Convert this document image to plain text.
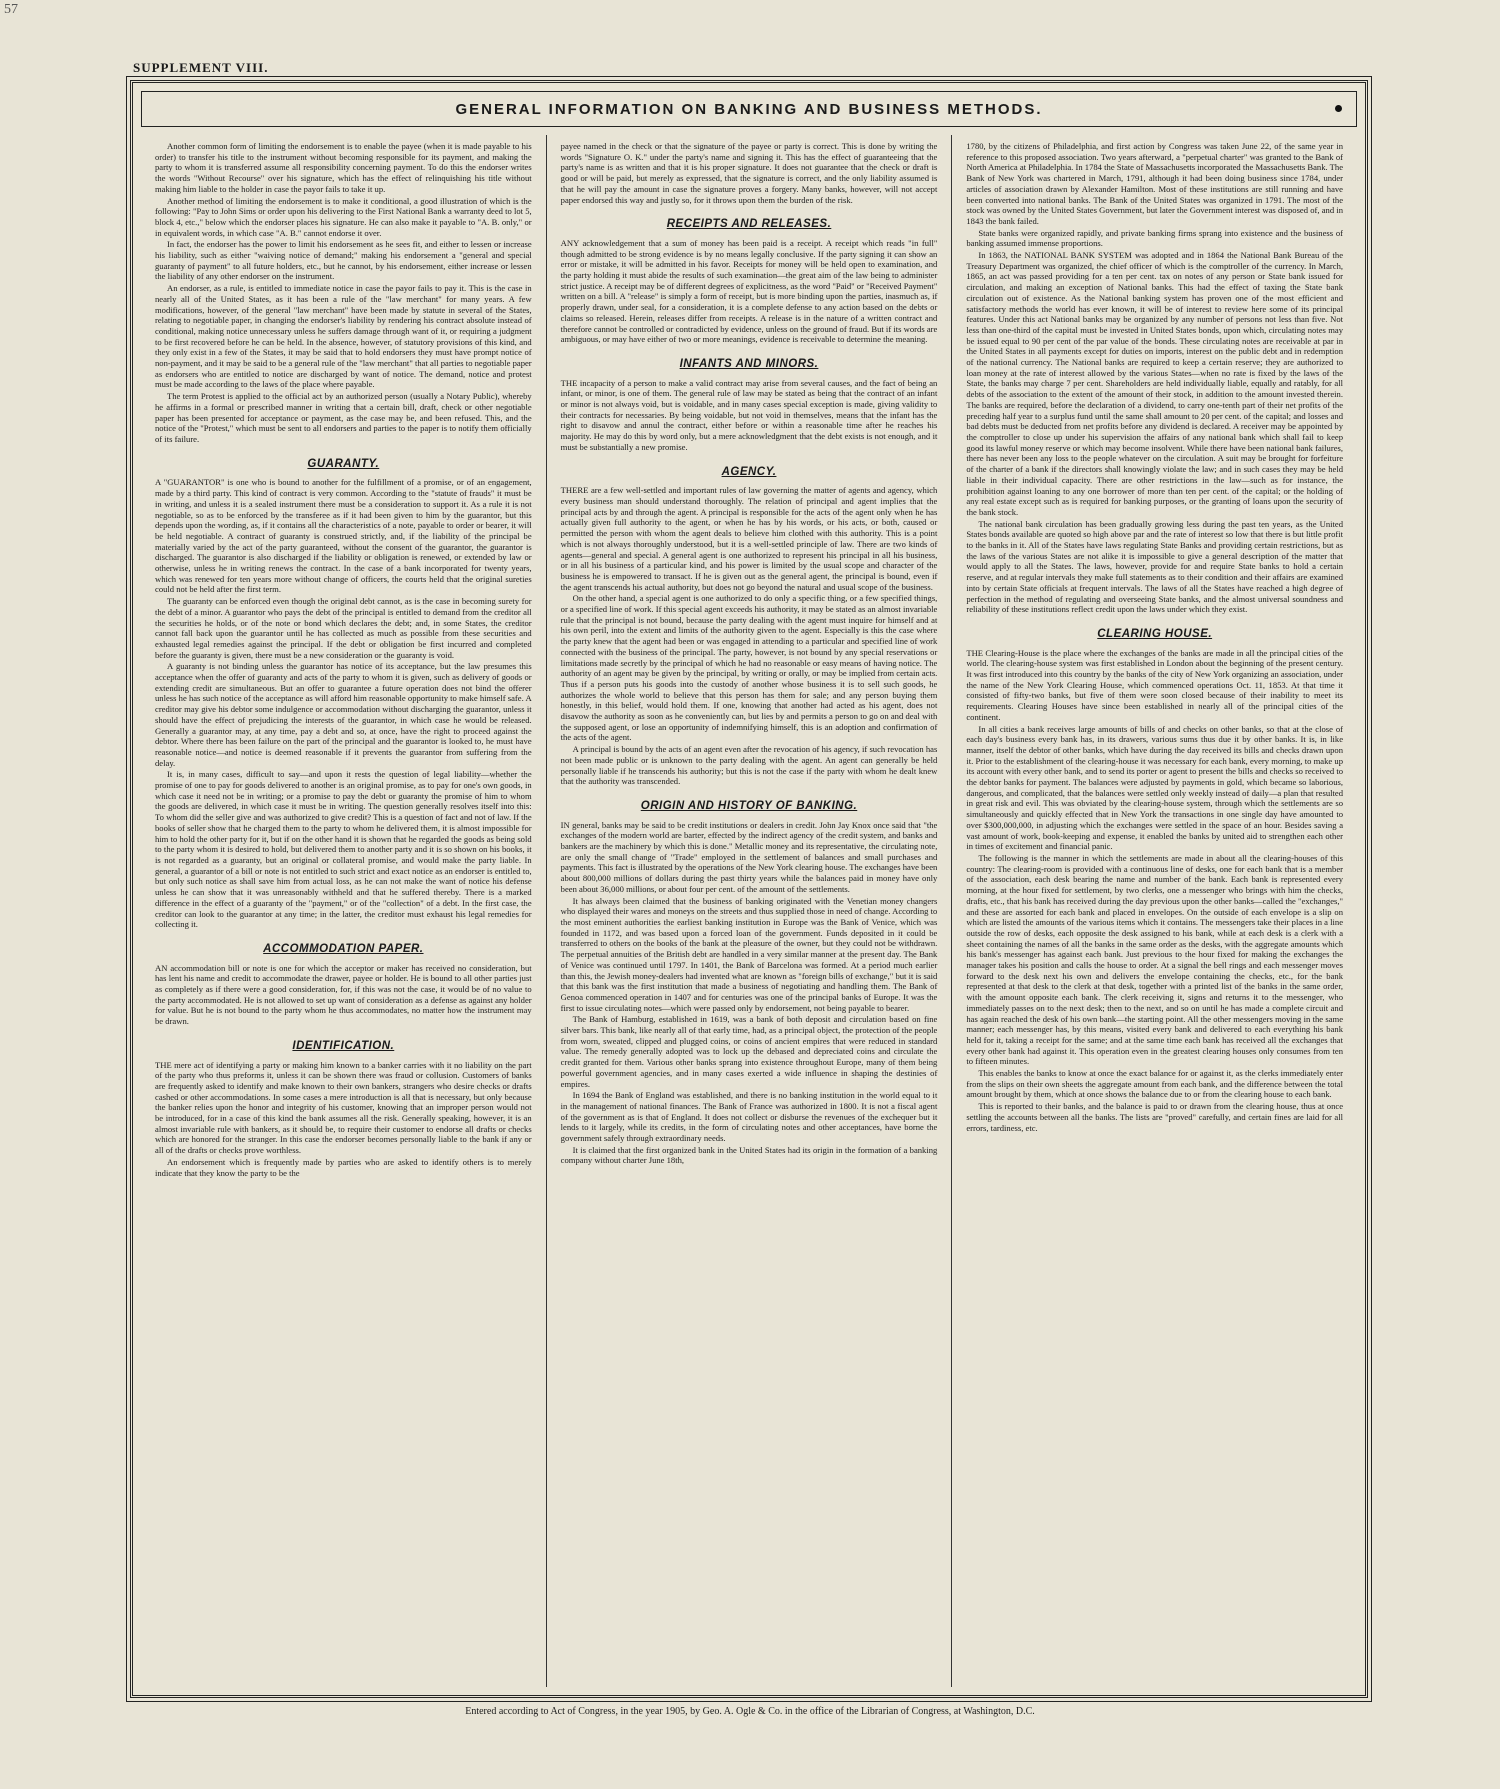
57
SUPPLEMENT VIII.
GENERAL INFORMATION ON BANKING AND BUSINESS METHODS.

Another common form of limiting the endorsement is to enable the payee (when it is made payable to his order) to transfer his title to the instrument without becoming responsible for its payment, and making the party to whom it is transferred assume all responsibility concerning payment. To do this the endorser writes the words "Without Recourse" over his signature, which has the effect of relinquishing his title without making him liable to the holder in case the payor fails to take it up.

Another method of limiting the endorsement is to make it conditional, a good illustration of which is the following: "Pay to John Sims or order upon his delivering to the First National Bank a warranty deed to lot 5, block 4, etc.," below which the endorser places his signature. He can also make it payable to "A. B. only," or in equivalent words, in which case "A. B." cannot endorse it over.

In fact, the endorser has the power to limit his endorsement as he sees fit, and either to lessen or increase his liability, such as either "waiving notice of demand;" making his endorsement a "general and special guaranty of payment" to all future holders, etc., but he cannot, by his endorsement, either increase or lessen the liability of any other endorser on the instrument.

An endorser, as a rule, is entitled to immediate notice in case the payor fails to pay it. This is the case in nearly all of the United States, as it has been a rule of the "law merchant" for many years. A few modifications, however, of the general "law merchant" have been made by statute in several of the States, relating to negotiable paper, in changing the endorser's liability by rendering his contract absolute instead of conditional, making notice unnecessary unless he suffers damage through want of it, or requiring a judgment to be first recovered before he can be held. In the absence, however, of statutory provisions of this kind, and they only exist in a few of the States, it may be said that to hold endorsers they must have prompt notice of non-payment, and it may be said to be a general rule of the "law merchant" that all parties to negotiable paper as endorsers who are entitled to notice are discharged by want of notice. The demand, notice and protest must be made according to the laws of the place where payable.

The term Protest is applied to the official act by an authorized person (usually a Notary Public), whereby he affirms in a formal or prescribed manner in writing that a certain bill, draft, check or other negotiable paper has been presented for acceptance or payment, as the case may be, and been refused. This, and the notice of the "Protest," which must be sent to all endorsers and parties to the paper is to notify them officially of its failure.

GUARANTY.

A "GUARANTOR" is one who is bound to another for the fulfillment of a promise, or of an engagement, made by a third party. This kind of contract is very common. According to the "statute of frauds" it must be in writing, and unless it is a sealed instrument there must be a consideration to support it. As a rule it is not negotiable, so as to be enforced by the transferee as if it had been given to him by the guarantor, but this depends upon the wording, as, if it contains all the characteristics of a note, payable to order or bearer, it will be held negotiable. A contract of guaranty is construed strictly, and, if the liability of the principal be materially varied by the act of the party guaranteed, without the consent of the guarantor, the guarantor is discharged. The guarantor is also discharged if the liability or obligation is renewed, or extended by law or otherwise, unless he in writing renews the contract. In the case of a bank incorporated for twenty years, which was renewed for ten years more without change of officers, the courts held that the original sureties could not be held after the first term.

The guaranty can be enforced even though the original debt cannot, as is the case in becoming surety for the debt of a minor. A guarantor who pays the debt of the principal is entitled to demand from the creditor all the securities he holds, or of the note or bond which declares the debt; and, in some States, the creditor cannot fall back upon the guarantor until he has collected as much as possible from these securities and exhausted legal remedies against the principal. If the debt or obligation be first incurred and completed before the guaranty is given, there must be a new consideration or the guaranty is void.

A guaranty is not binding unless the guarantor has notice of its acceptance, but the law presumes this acceptance when the offer of guaranty and acts of the party to whom it is given, such as delivery of goods or extending credit are simultaneous. But an offer to guarantee a future operation does not bind the offerer unless he has such notice of the acceptance as will afford him reasonable opportunity to make himself safe. A creditor may give his debtor some indulgence or accommodation without discharging the guarantor, unless it should have the effect of prejudicing the interests of the guarantor, in which case he would be released. Generally a guarantor may, at any time, pay a debt and so, at once, have the right to proceed against the debtor. Where there has been failure on the part of the principal and the guarantor is looked to, he must have reasonable notice—and notice is deemed reasonable if it prevents the guarantor from suffering from the delay.

It is, in many cases, difficult to say—and upon it rests the question of legal liability—whether the promise of one to pay for goods delivered to another is an original promise, as to pay for one's own goods, in which case it need not be in writing; or a promise to pay the debt or guaranty the promise of him to whom the goods are delivered, in which case it must be in writing. The question generally resolves itself into this: To whom did the seller give and was authorized to give credit? This is a question of fact and not of law. If the books of seller show that he charged them to the party to whom he delivered them, it is almost impossible for him to hold the other party for it, but if on the other hand it is shown that he regarded the goods as being sold to the party whom it is desired to hold, but delivered them to another party and it is so shown on his books, it is not regarded as a guaranty, but an original or collateral promise, and would make the party liable. In general, a guarantor of a bill or note is not entitled to such strict and exact notice as an endorser is entitled to, but only such notice as shall save him from actual loss, as he can not make the want of notice his defense unless he can show that it was unreasonably withheld and that he suffered thereby. There is a marked difference in the effect of a guaranty of the "payment," or of the "collection" of a debt. In the first case, the creditor can look to the guarantor at any time; in the latter, the creditor must exhaust his legal remedies for collecting it.

ACCOMMODATION PAPER.

AN accommodation bill or note is one for which the acceptor or maker has received no consideration, but has lent his name and credit to accommodate the drawer, payee or holder. He is bound to all other parties just as completely as if there were a good consideration, for, if this was not the case, it would be of no value to the party accommodated. He is not allowed to set up want of consideration as a defense as against any holder for value. But he is not bound to the party whom he thus accommodates, no matter how the instrument may be drawn.

IDENTIFICATION.

THE mere act of identifying a party or making him known to a banker carries with it no liability on the part of the party who thus preforms it, unless it can be shown there was fraud or collusion. Customers of banks are frequently asked to identify and make known to their own bankers, strangers who desire checks or drafts cashed or other accommodations. In some cases a mere introduction is all that is necessary, but only because the banker relies upon the honor and integrity of his customer, knowing that an improper person would not be introduced, for in a case of this kind the bank assumes all the risk. Generally speaking, however, it is an almost invariable rule with bankers, as it should be, to require their customer to endorse all drafts or checks which are honored for the stranger. In this case the endorser becomes personally liable to the bank if any or all of the drafts or checks prove worthless.

An endorsement which is frequently made by parties who are asked to identify others is to merely indicate that they know the party to be the

payee named in the check or that the signature of the payee or party is correct. This is done by writing the words "Signature O. K." under the party's name and signing it. This has the effect of guaranteeing that the party's name is as written and that it is his proper signature. It does not guarantee that the check or draft is good or will be paid, but merely as expressed, that the signature is correct, and the only liability assumed is that he will pay the amount in case the signature proves a forgery. Many banks, however, will not accept paper endorsed this way and justly so, for it throws upon them the burden of the risk.

RECEIPTS AND RELEASES.

ANY acknowledgement that a sum of money has been paid is a receipt. A receipt which reads "in full" though admitted to be strong evidence is by no means legally conclusive. If the party signing it can show an error or mistake, it will be admitted in his favor. Receipts for money will be held open to examination, and the party holding it must abide the results of such examination—the great aim of the law being to administer strict justice. A receipt may be of different degrees of explicitness, as the word "Paid" or "Received Payment" written on a bill. A "release" is simply a form of receipt, but is more binding upon the parties, inasmuch as, if properly drawn, under seal, for a consideration, it is a complete defense to any action based on the debts or claims so released. Herein, releases differ from receipts. A release is in the nature of a written contract and therefore cannot be controlled or contradicted by evidence, unless on the ground of fraud. But if its words are ambiguous, or may have either of two or more meanings, evidence is receivable to determine the meaning.

INFANTS AND MINORS.

THE incapacity of a person to make a valid contract may arise from several causes, and the fact of being an infant, or minor, is one of them. The general rule of law may be stated as being that the contract of an infant or minor is not always void, but is voidable, and in many cases special exception is made, giving validity to their contracts for necessaries. By being voidable, but not void in themselves, means that the infant has the right to disavow and annul the contract, either before or within a reasonable time after he reaches his majority. He may do this by word only, but a mere acknowledgment that the debt exists is not enough, and it must be substantially a new promise.

AGENCY.

THERE are a few well-settled and important rules of law governing the matter of agents and agency, which every business man should understand thoroughly. The relation of principal and agent implies that the principal acts by and through the agent. A principal is responsible for the acts of the agent only when he has actually given full authority to the agent, or when he has by his words, or his acts, or both, caused or permitted the person with whom the agent deals to believe him clothed with this authority. This is a point which is not always thoroughly understood, but it is a well-settled principle of law. There are two kinds of agents—general and special. A general agent is one authorized to represent his principal in all his business, or in all his business of a particular kind, and his power is limited by the usual scope and character of the business he is empowered to transact. If he is given out as the general agent, the principal is bound, even if the agent transcends his actual authority, but does not go beyond the natural and usual scope of the business.

On the other hand, a special agent is one authorized to do only a specific thing, or a few specified things, or a specified line of work. If this special agent exceeds his authority, it may be stated as an almost invariable rule that the principal is not bound, because the party dealing with the agent must inquire for himself and at his own peril, into the extent and limits of the authority given to the agent. Especially is this the case where the party knew that the agent had been or was engaged in attending to a particular and specified line of work connected with the business of the principal. The party, however, is not bound by any special reservations or limitations made secretly by the principal of which he had no reasonable or easy means of having notice. The authority of an agent may be given by the principal, by writing or orally, or may be implied from certain acts. Thus if a person puts his goods into the custody of another whose business it is to sell such goods, he authorizes the whole world to believe that this person has them for sale; and any person buying them honestly, in this belief, would hold them. If one, knowing that another had acted as his agent, does not disavow the authority as soon as he conveniently can, but lies by and permits a person to go on and deal with the supposed agent, or lose an opportunity of indemnifying himself, this is an adoption and confirmation of the acts of the agent.

A principal is bound by the acts of an agent even after the revocation of his agency, if such revocation has not been made public or is unknown to the party dealing with the agent. An agent can generally be held personally liable if he transcends his authority; but this is not the case if the party with whom he dealt knew that the authority was transcended.

ORIGIN AND HISTORY OF BANKING.

IN general, banks may be said to be credit institutions or dealers in credit. John Jay Knox once said that "the exchanges of the modern world are barter, effected by the indirect agency of the credit system, and banks and bankers are the machinery by which this is done." Metallic money and its representative, the circulating note, are only the small change of "Trade" employed in the settlement of balances and small purchases and payments. This fact is illustrated by the operations of the New York clearing house. The exchanges have been about 800,000 millions of dollars during the past thirty years while the balances paid in money have only been about 36,000 millions, or about four per cent. of the amount of the settlements.

It has always been claimed that the business of banking originated with the Venetian money changers who displayed their wares and moneys on the streets and thus supplied those in need of change. According to the most eminent authorities the earliest banking institution in Europe was the Bank of Venice, which was founded in 1172, and was based upon a forced loan of the government. Funds deposited in it could be transferred to others on the books of the bank at the pleasure of the owner, but they could not be withdrawn. The perpetual annuities of the British debt are handled in a very similar manner at the present day. The Bank of Venice was continued until 1797. In 1401, the Bank of Barcelona was formed. At a period much earlier than this, the Jewish money-dealers had invented what are known as "foreign bills of exchange," but it is said that this bank was the first institution that made a business of negotiating and handling them. The Bank of Genoa commenced operation in 1407 and for centuries was one of the principal banks of Europe. It was the first to issue circulating notes—which were passed only by endorsement, not being payable to bearer.

The Bank of Hamburg, established in 1619, was a bank of both deposit and circulation based on fine silver bars. This bank, like nearly all of that early time, had, as a principal object, the protection of the people from worn, sweated, clipped and plugged coins, or coins of ancient empires that were reduced in standard value. The remedy generally adopted was to lock up the debased and depreciated coins and circulate the credit granted for them. Various other banks sprang into existence throughout Europe, many of them being powerful government agencies, and in many cases exerted a wide influence in shaping the destinies of empires.

In 1694 the Bank of England was established, and there is no banking institution in the world equal to it in the management of national finances. The Bank of France was authorized in 1800. It is not a fiscal agent of the government as is that of England. It does not collect or disburse the revenues of the exchequer but it lends to it largely, while its credits, in the form of circulating notes and other acceptances, have borne the government safely through extraordinary needs.

It is claimed that the first organized bank in the United States had its origin in the formation of a banking company without charter June 18th,

1780, by the citizens of Philadelphia, and first action by Congress was taken June 22, of the same year in reference to this proposed association. Two years afterward, a "perpetual charter" was granted to the Bank of North America at Philadelphia. In 1784 the State of Massachusetts incorporated the Massachusetts Bank. The Bank of New York was chartered in March, 1791, although it had been doing business since 1784, under articles of association drawn by Alexander Hamilton. Most of these institutions are still running and have been converted into national banks. The Bank of the United States was organized in 1791. The most of the stock was owned by the United States Government, but later the Government interest was disposed of, and in 1843 the bank failed.

State banks were organized rapidly, and private banking firms sprang into existence and the business of banking assumed immense proportions.

In 1863, the NATIONAL BANK SYSTEM was adopted and in 1864 the National Bank Bureau of the Treasury Department was organized, the chief officer of which is the comptroller of the currency. In March, 1865, an act was passed providing for a ten per cent. tax on notes of any person or State bank issued for circulation, and making an exception of National banks. This had the effect of taxing the State bank circulation out of existence. As the National banking system has proven one of the most efficient and satisfactory methods the world has ever known, it will be of interest to review here some of its principal features. Under this act National banks may be organized by any number of persons not less than five. Not less than one-third of the capital must be invested in United States bonds, upon which, circulating notes may be issued equal to 90 per cent of the par value of the bonds. These circulating notes are receivable at par in the United States in all payments except for duties on imports, interest on the public debt and in redemption of the national currency. The National banks are required to keep a certain reserve; they are authorized to loan money at the rate of interest allowed by the various States—when no rate is fixed by the laws of the State, the banks may charge 7 per cent. Shareholders are held individually liable, equally and ratably, for all debts of the association to the extent of the amount of their stock, in addition to the amount invested therein. The banks are required, before the declaration of a dividend, to carry one-tenth part of their net profits of the preceding half year to a surplus fund until the same shall amount to 20 per cent. of the capital; and losses and bad debts must be deducted from net profits before any dividend is declared. A receiver may be appointed by the comptroller to close up under his supervision the affairs of any national bank which shall fail to keep good its lawful money reserve or which may become insolvent. While there have been national bank failures, there has never been any loss to the people whatever on the circulation. A suit may be brought for forfeiture of the charter of a bank if the directors shall knowingly violate the law; and in such cases they may be held liable in their individual capacity. There are other restrictions in the law—such as for instance, the prohibition against loaning to any one borrower of more than ten per cent. of the capital; or the holding of any real estate except such as is required for banking purposes, or the granting of loans upon the security of the bank stock.

The national bank circulation has been gradually growing less during the past ten years, as the United States bonds available are quoted so high above par and the rate of interest so low that there is but little profit to the banks in it. All of the States have laws regulating State Banks and providing certain restrictions, but as the laws of the various States are not alike it is impossible to give a general description of the matter that would apply to all the States. The laws, however, provide for and require State banks to hold a certain reserve, and at regular intervals they make full statements as to their condition and their affairs are examined into by certain State officials at frequent intervals. The laws of all the States have reached a high degree of perfection in the method of regulating and overseeing State banks, and the almost universal soundness and reliability of these institutions reflect credit upon the laws under which they exist.

CLEARING HOUSE.

THE Clearing-House is the place where the exchanges of the banks are made in all the principal cities of the world. The clearing-house system was first established in London about the beginning of the present century. It was first introduced into this country by the banks of the city of New York organizing an association, under the name of the New York Clearing House, which commenced operations Oct. 11, 1853. At that time it consisted of fifty-two banks, but five of them were soon closed because of their inability to meet its requirements. Clearing Houses have since been established in nearly all of the principal cities of the continent.

In all cities a bank receives large amounts of bills of and checks on other banks, so that at the close of each day's business every bank has, in its drawers, various sums thus due it by other banks. It is, in like manner, itself the debtor of other banks, which have during the day received its bills and checks drawn upon it. Prior to the establishment of the clearing-house it was necessary for each bank, every morning, to make up its account with every other bank, and to send its porter or agent to present the bills and checks so received to the debtor banks for payment. The balances were adjusted by payments in gold, which became so laborious, dangerous, and complicated, that the balances were settled only weekly instead of daily—a plan that resulted in great risk and evil. This was obviated by the clearing-house system, through which the settlements are so simultaneously and quickly effected that in New York the transactions in one single day have amounted to over $300,000,000, in adjusting which the exchanges were settled in the space of an hour. Besides saving a vast amount of work, book-keeping and expense, it enabled the banks by united aid to strengthen each other in times of excitement and financial panic.

The following is the manner in which the settlements are made in about all the clearing-houses of this country: The clearing-room is provided with a continuous line of desks, one for each bank that is a member of the association, each desk bearing the name and number of the bank. Each bank is represented every morning, at the hour fixed for settlement, by two clerks, one a messenger who brings with him the checks, drafts, etc., that his bank has received during the day previous upon the other banks—called the "exchanges," and these are assorted for each bank and placed in envelopes. On the outside of each envelope is a slip on which are listed the amounts of the various items which it contains. The messengers take their places in a line outside the row of desks, each opposite the desk assigned to his bank, while at each desk is a clerk with a sheet containing the names of all the banks in the same order as the desks, with the aggregate amounts which his bank's messenger has against each bank. Just previous to the hour fixed for making the exchanges the manager takes his position and calls the house to order. At a signal the bell rings and each messenger moves forward to the desk next his own and delivers the envelope containing the checks, etc., for the bank represented at that desk to the clerk at that desk, together with a printed list of the banks in the same order, with the amount opposite each bank. The clerk receiving it, signs and returns it to the messenger, who immediately passes on to the next desk; then to the next, and so on until he has made a complete circuit and has again reached the desk of his own bank—the starting point. All the other messengers moving in the same manner; each messenger has, by this means, visited every bank and delivered to each everything his bank held for it, taking a receipt for the same; and at the same time each bank has received all the exchanges that every other bank had against it. This operation even in the greatest clearing houses only consumes from ten to fifteen minutes.

This enables the banks to know at once the exact balance for or against it, as the clerks immediately enter from the slips on their own sheets the aggregate amount from each bank, and the difference between the total amount brought by them, which at once shows the balance due to or from the clearing house to each bank.

This is reported to their banks, and the balance is paid to or drawn from the clearing house, thus at once settling the accounts between all the banks. The lists are "proved" carefully, and certain fines are laid for all errors, tardiness, etc.

Entered according to Act of Congress, in the year 1905, by Geo. A. Ogle & Co. in the office of the Librarian of Congress, at Washington, D.C.
